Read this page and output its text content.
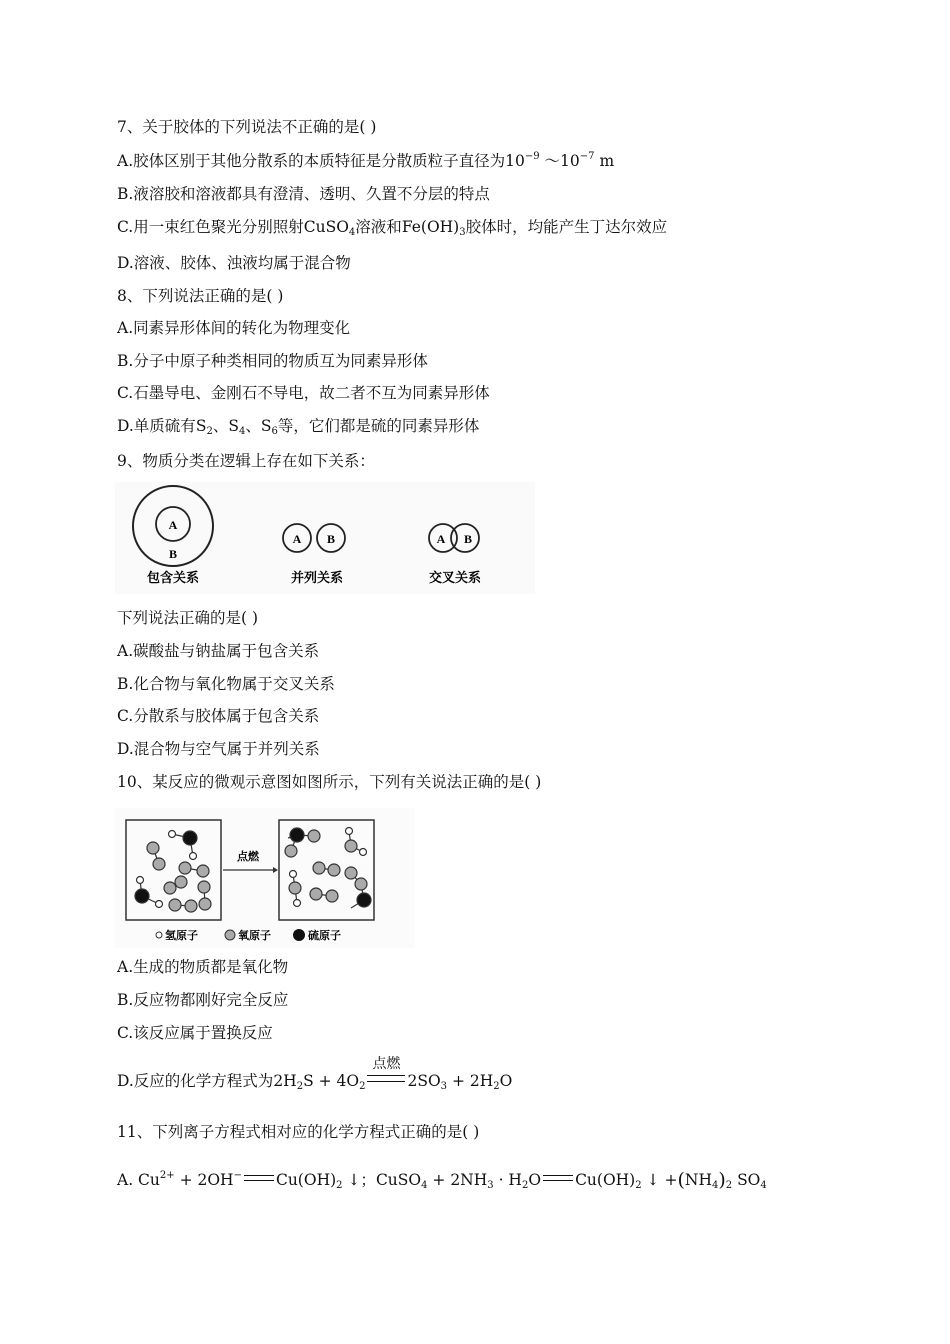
7、关于胶体的下列说法不正确的是( )
A.胶体区别于其他分散系的本质特征是分散质粒子直径为$10^{-9}$ $\sim 10^{-7}$ m
B.液溶胶和溶液都具有澄清、透明、久置不分层的特点
C.用一束红色聚光分别照射CuSO$_4$溶液和$Fe(OH)_3$胶体时，均能产生丁达尔效应
D.溶液、胶体、浊液均属于混合物
8、下列说法正确的是( )
A.同素异形体间的转化为物理变化
B.分子中原子种类相同的物质互为同素异形体
C.石墨导电、金刚石不导电，故二者不互为同素异形体
D.单质硫有$S_2$、$S_4$、$S_6$等，它们都是硫的同素异形体
9、物质分类在逻辑上存在如下关系：
A
B
包含关系
A B
并列关系
A B
交叉关系
下列说法正确的是( )
A.碳酸盐与钠盐属于包含关系
B.化合物与氧化物属于交叉关系
C.分散系与胶体属于包含关系
D.混合物与空气属于并列关系
10、某反应的微观示意图如图所示，下列有关说法正确的是( )
点燃
氢原子	氧原子	硫原子
A.生成的物质都是氧化物
B.反应物都刚好完全反应
C.该反应属于置换反应
D.反应的化学方程式为$2H_2S + 4O_2$
点燃
$2SO_3 + 2H_2O$
11、下列离子方程式相对应的化学方程式正确的是( )
A. $Cu^{2+} + 2OH^-$ $Cu(OH)_2$ ↓；CuSO$_4$ + $2NH_3 \cdot H_2O$ $Cu(OH)_2$ ↓ $+(NH_4)_2$ $SO_4$
